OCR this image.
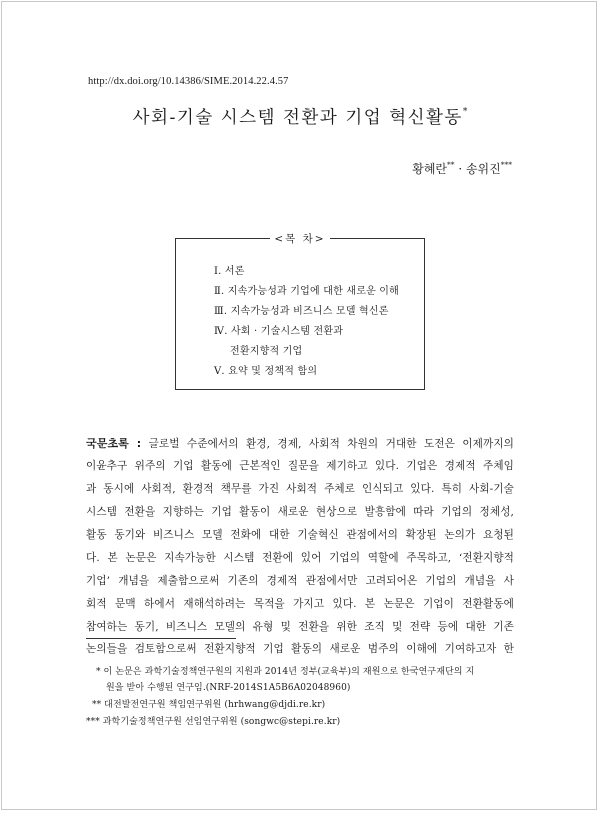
http://dx.doi.org/10.14386/SIME.2014.22.4.57
사회-기술 시스템 전환과 기업 혁신활동*
황혜란** · 송위진***
<목 차>
Ⅰ. 서론
Ⅱ. 지속가능성과 기업에 대한 새로운 이해
Ⅲ. 지속가능성과 비즈니스 모델 혁신론
Ⅳ. 사회 · 기술시스템 전환과
전환지향적 기업
Ⅴ. 요약 및 정책적 함의
국문초록 : 글로벌 수준에서의 환경, 경제, 사회적 차원의 거대한 도전은 이제까지의
이윤추구 위주의 기업 활동에 근본적인 질문을 제기하고 있다. 기업은 경제적 주체임
과 동시에 사회적, 환경적 책무를 가진 사회적 주체로 인식되고 있다. 특히 사회-기술
시스템 전환을 지향하는 기업 활동이 새로운 현상으로 발흥함에 따라 기업의 정체성,
활동 동기와 비즈니스 모델 전화에 대한 기술혁신 관점에서의 확장된 논의가 요청된
다. 본 논문은 지속가능한 시스템 전환에 있어 기업의 역할에 주목하고, ‘전환지향적
기업’ 개념을 제출함으로써 기존의 경제적 관점에서만 고려되어온 기업의 개념을 사
회적 문맥 하에서 재해석하려는 목적을 가지고 있다. 본 논문은 기업이 전환활동에
참여하는 동기, 비즈니스 모델의 유형 및 전환을 위한 조직 및 전략 등에 대한 기존
논의들을 검토함으로써 전환지향적 기업 활동의 새로운 범주의 이해에 기여하고자 한
* 이 논문은 과학기술정책연구원의 지원과 2014년 정부(교육부)의 재원으로 한국연구재단의 지
원을 받아 수행된 연구임.(NRF-2014S1A5B6A02048960)
** 대전발전연구원 책임연구위원 (hrhwang@djdi.re.kr)
*** 과학기술정책연구원 선임연구위원 (songwc@stepi.re.kr)
